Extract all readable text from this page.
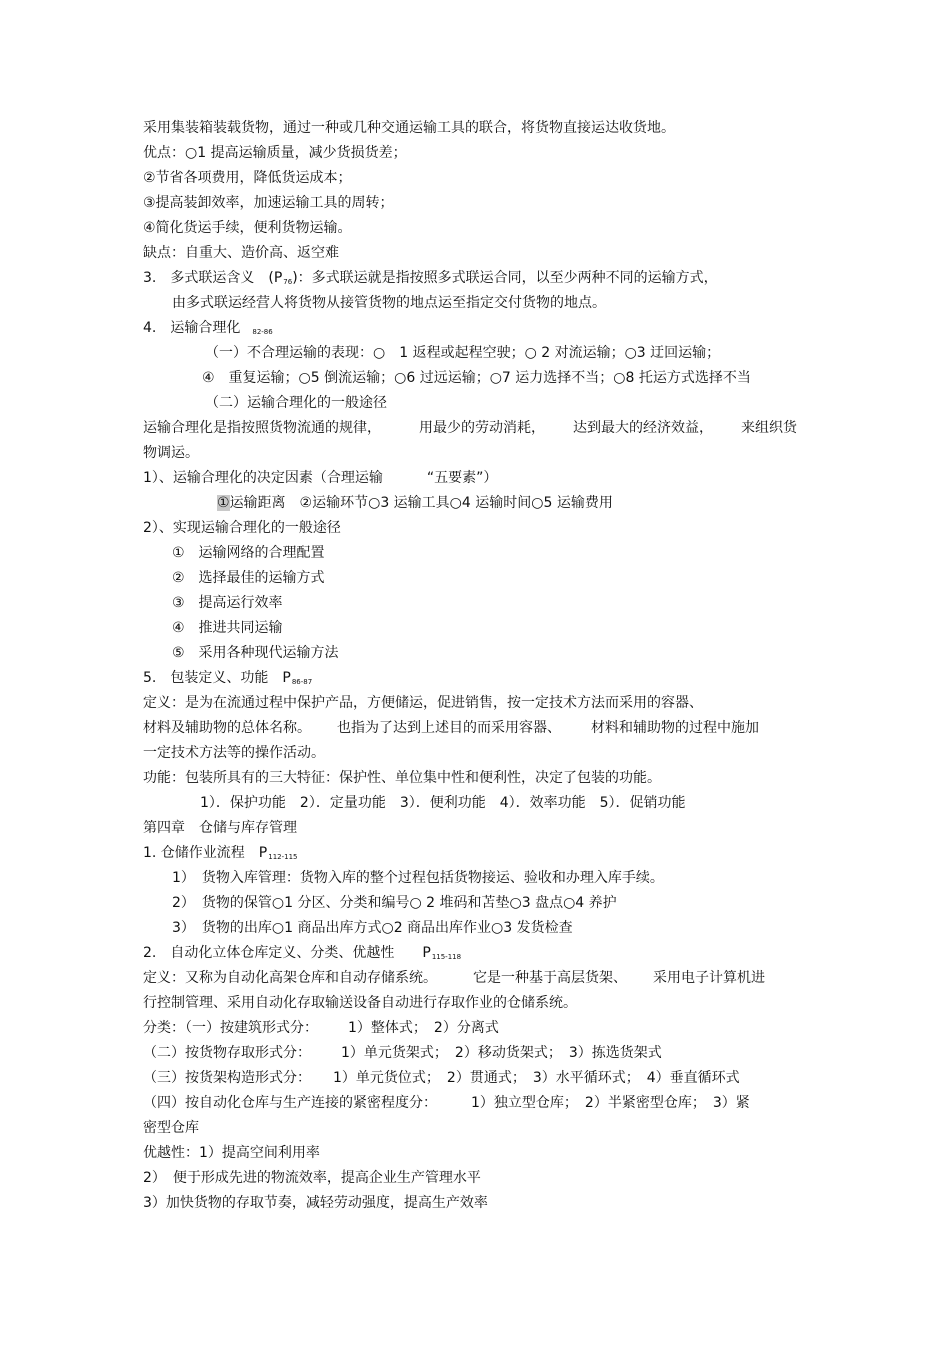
采用集装箱装载货物，通过一种或几种交通运输工具的联合，将货物直接运达收货地。
优点：○1 提高运输质量，减少货损货差；
②节省各项费用，降低货运成本；
③提高装卸效率，加速运输工具的周转；
④简化货运手续，便利货物运输。
缺点：自重大、造价高、返空难
3.　多式联运含义　(P76)：多式联运就是指按照多式联运合同，以至少两种不同的运输方式，
由多式联运经营人将货物从接管货物的地点运至指定交付货物的地点。
4.　运输合理化 82-86
（一）不合理运输的表现：○　1 返程或起程空驶；○ 2 对流运输；○3 迂回运输；
④　重复运输；○5 倒流运输；○6 过远运输；○7 运力选择不当；○8 托运方式选择不当
（二）运输合理化的一般途径
运输合理化是指按照货物流通的规律，	用最少的劳动消耗， 达到最大的经济效益， 来组织货
物调运。
1）、运输合理化的决定因素（合理运输	“五要素”）
①运输距离　②运输环节○3 运输工具○4 运输时间○5 运输费用
2）、实现运输合理化的一般途径
①　运输网络的合理配置
②　选择最佳的运输方式
③　提高运行效率
④　推进共同运输
⑤　采用各种现代运输方法
5.　包装定义、功能　P86-87
定义：是为在流通过程中保护产品，方便储运，促进销售，按一定技术方法而采用的容器、
材料及辅助物的总体名称。 也指为了达到上述目的而采用容器、 材料和辅助物的过程中施加
一定技术方法等的操作活动。
功能：包装所具有的三大特征：保护性、单位集中性和便利性，决定了包装的功能。
1）．保护功能　2）．定量功能　3）．便利功能　4）．效率功能　5）．促销功能
第四章　仓储与库存管理
1. 仓储作业流程　P112-115
1）　货物入库管理：货物入库的整个过程包括货物接运、验收和办理入库手续。
2）　货物的保管○1 分区、分类和编号○ 2 堆码和苫垫○3 盘点○4 养护
3）　货物的出库○1 商品出库方式○2 商品出库作业○3 发货检查
2.　自动化立体仓库定义、分类、优越性　　P115-118
定义：又称为自动化高架仓库和自动存储系统。	它是一种基于高层货架、 采用电子计算机进
行控制管理、采用自动化存取输送设备自动进行存取作业的仓储系统。
分类：（一）按建筑形式分： 1）整体式；　2）分离式
（二）按货物存取形式分： 1）单元货架式；　2）移动货架式；　3）拣选货架式
（三）按货架构造形式分： 1）单元货位式；　2）贯通式；　3）水平循环式；　4）垂直循环式
（四）按自动化仓库与生产连接的紧密程度分： 1）独立型仓库；　2）半紧密型仓库；　3）紧
密型仓库
优越性：1）提高空间利用率
2）　便于形成先进的物流效率，提高企业生产管理水平
3）加快货物的存取节奏，减轻劳动强度，提高生产效率
